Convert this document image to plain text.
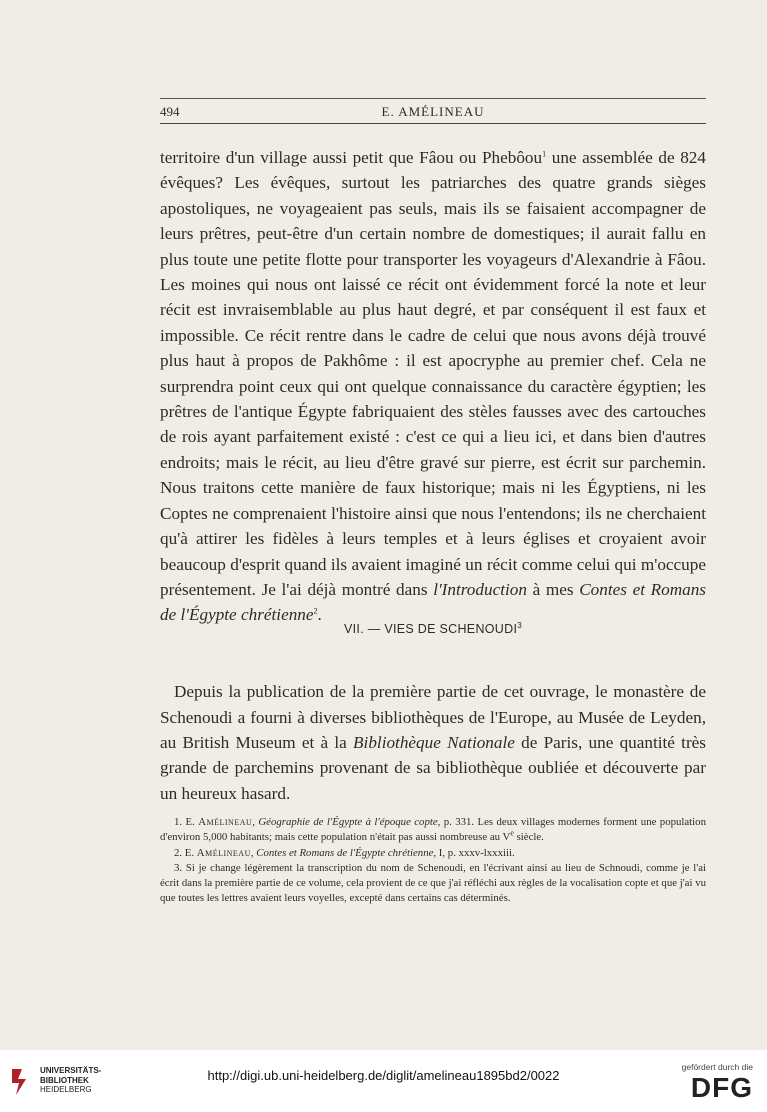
494	E. AMÉLINEAU

territoire d'un village aussi petit que Fâou ou Phebôou$^1$ une assemblée de 824 évêques? Les évêques, surtout les patriarches des quatre grands sièges apostoliques, ne voyageaient pas seuls, mais ils se faisaient accompagner de leurs prêtres, peut-être d'un certain nombre de domestiques; il aurait fallu en plus toute une petite flotte pour transporter les voyageurs d'Alexandrie à Fâou. Les moines qui nous ont laissé ce récit ont évidemment forcé la note et leur récit est invraisemblable au plus haut degré, et par conséquent il est faux et impossible. Ce récit rentre dans le cadre de celui que nous avons déjà trouvé plus haut à propos de Pakhôme : il est apocryphe au premier chef. Cela ne surprendra point ceux qui ont quelque connaissance du caractère égyptien; les prêtres de l'antique Égypte fabriquaient des stèles fausses avec des cartouches de rois ayant parfaitement existé : c'est ce qui a lieu ici, et dans bien d'autres endroits; mais le récit, au lieu d'être gravé sur pierre, est écrit sur parchemin. Nous traitons cette manière de faux historique; mais ni les Égyptiens, ni les Coptes ne comprenaient l'histoire ainsi que nous l'entendons; ils ne cherchaient qu'à attirer les fidèles à leurs temples et à leurs églises et croyaient avoir beaucoup d'esprit quand ils avaient imaginé un récit comme celui qui m'occupe présentement. Je l'ai déjà montré dans l'Introduction à mes Contes et Romans de l'Égypte chrétienne$^2$.

VII. — VIES DE SCHENOUDI$^3$

Depuis la publication de la première partie de cet ouvrage, le monastère de Schenoudi a fourni à diverses bibliothèques de l'Europe, au Musée de Leyden, au British Museum et à la Bibliothèque Nationale de Paris, une quantité très grande de parchemins provenant de sa bibliothèque oubliée et découverte par un heureux hasard.

1. E. Amélineau, Géographie de l'Égypte à l'époque copte, p. 331. Les deux villages modernes forment une population d'environ 5,000 habitants; mais cette population n'était pas aussi nombreuse au Ve siècle.

2. E. Amélineau, Contes et Romans de l'Égypte chrétienne, I, p. xxxv-lxxxiii.

3. Si je change légèrement la transcription du nom de Schenoudi, en l'écrivant ainsi au lieu de Schnoudi, comme je l'ai écrit dans la première partie de ce volume, cela provient de ce que j'ai réfléchi aux règles de la vocalisation copte et que j'ai vu que toutes les lettres avaient leurs voyelles, excepté dans certains cas déterminés.

UNIVERSITÄTS-
BIBLIOTHEK
HEIDELBERG
http://digi.ub.uni-heidelberg.de/diglit/amelineau1895bd2/0022
gefördert durch die
DFG
